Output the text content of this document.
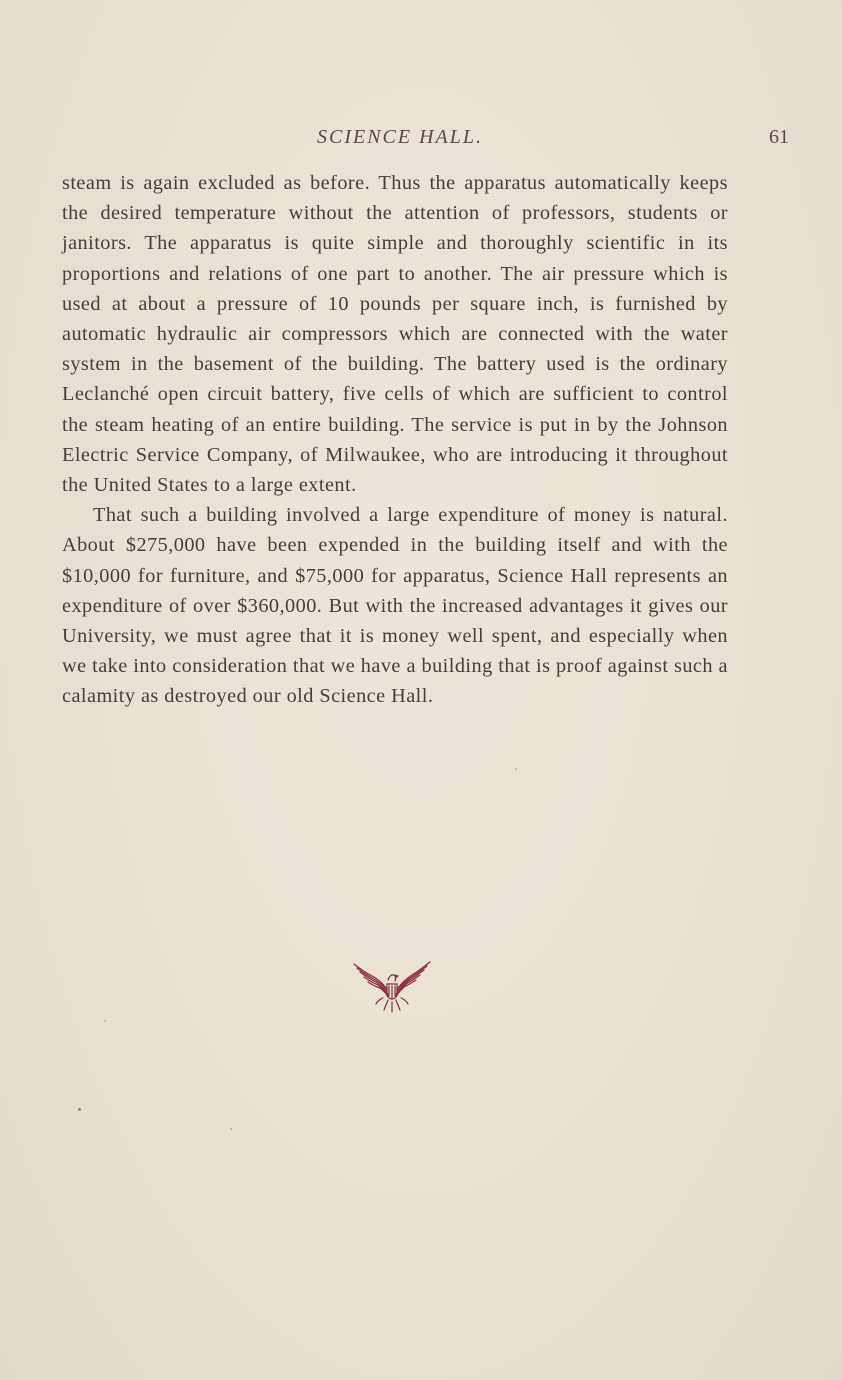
SCIENCE HALL.	61

steam is again excluded as before. Thus the apparatus automatically keeps the desired temperature without the attention of professors, students or janitors. The apparatus is quite simple and thoroughly scientific in its proportions and relations of one part to another. The air pressure which is used at about a pressure of 10 pounds per square inch, is furnished by automatic hydraulic air compressors which are connected with the water system in the basement of the building. The battery used is the ordinary Leclanché open circuit battery, five cells of which are sufficient to control the steam heating of an entire building. The service is put in by the Johnson Electric Service Company, of Milwaukee, who are introducing it throughout the United States to a large extent.

That such a building involved a large expenditure of money is natural. About $275,000 have been expended in the building itself and with the $10,000 for furniture, and $75,000 for apparatus, Science Hall represents an expenditure of over $360,000. But with the increased advantages it gives our University, we must agree that it is money well spent, and especially when we take into consideration that we have a building that is proof against such a calamity as destroyed our old Science Hall.
